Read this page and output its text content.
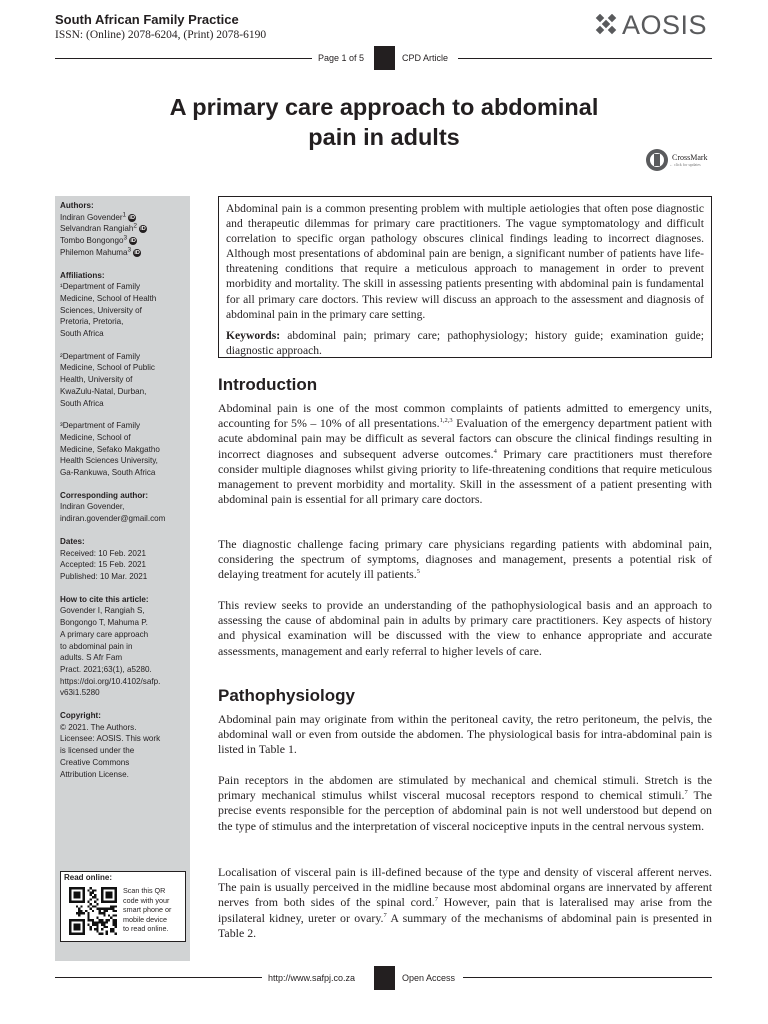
South African Family Practice
ISSN: (Online) 2078-6204, (Print) 2078-6190	AOSIS
Page 1 of 5	CPD Article
A primary care approach to abdominal
pain in adults
CrossMark
← click for updates
Authors:
Indiran Govender$^1$ iD
Selvandran Rangiah$^2$ iD
Tombo Bongongo$^3$ iD
Philemon Mahuma$^3$ iD
Affiliations:
¹Department of Family
Medicine, School of Health
Sciences, University of
Pretoria, Pretoria,
South Africa
²Department of Family
Medicine, School of Public
Health, University of
KwaZulu-Natal, Durban,
South Africa
³Department of Family
Medicine, School of
Medicine, Sefako Makgatho
Health Sciences University,
Ga-Rankuwa, South Africa
Corresponding author:
Indiran Govender,
indiran.govender@gmail.com
Dates:
Received: 10 Feb. 2021
Accepted: 15 Feb. 2021
Published: 10 Mar. 2021
How to cite this article:
Govender I, Rangiah S,
Bongongo T, Mahuma P.
A primary care approach
to abdominal pain in
adults. S Afr Fam
Pract. 2021;63(1), a5280.
https://doi.org/10.4102/safp.
v63i1.5280
Copyright:
© 2021. The Authors.
Licensee: AOSIS. This work
is licensed under the
Creative Commons
Attribution License.
Read online:
Scan this QR
code with your
smart phone or
mobile device
to read online.

Abdominal pain is a common presenting problem with multiple aetiologies that often pose diagnostic and therapeutic dilemmas for primary care practitioners. The vague symptomatology and difficult correlation to specific organ pathology obscures clinical findings leading to incorrect diagnoses. Although most presentations of abdominal pain are benign, a significant number of patients have life-threatening conditions that require a meticulous approach to management in order to prevent morbidity and mortality. The skill in assessing patients presenting with abdominal pain is fundamental for all primary care doctors. This review will discuss an approach to the assessment and diagnosis of abdominal pain in the primary care setting.

Keywords: abdominal pain; primary care; pathophysiology; history guide; examination guide; diagnostic approach.

Introduction

Abdominal pain is one of the most common complaints of patients admitted to emergency units, accounting for 5% – 10% of all presentations.$^{1,2,3}$ Evaluation of the emergency department patient with acute abdominal pain may be difficult as several factors can obscure the clinical findings resulting in incorrect diagnoses and subsequent adverse outcomes.$^4$ Primary care practitioners must therefore consider multiple diagnoses whilst giving priority to life-threatening conditions that require meticulous management to prevent morbidity and mortality. Skill in the assessment of a patient presenting with abdominal pain is essential for all primary care doctors.

The diagnostic challenge facing primary care physicians regarding patients with abdominal pain, considering the spectrum of symptoms, diagnoses and management, presents a potential risk of delaying treatment for acutely ill patients.$^5$

This review seeks to provide an understanding of the pathophysiological basis and an approach to assessing the cause of abdominal pain in adults by primary care practitioners. Key aspects of history and physical examination will be discussed with the view to enhance appropriate and accurate assessments, management and early referral to higher levels of care.

Pathophysiology

Abdominal pain may originate from within the peritoneal cavity, the retro peritoneum, the pelvis, the abdominal wall or even from outside the abdomen. The physiological basis for intra-abdominal pain is listed in Table 1.

Pain receptors in the abdomen are stimulated by mechanical and chemical stimuli. Stretch is the primary mechanical stimulus whilst visceral mucosal receptors respond to chemical stimuli.$^7$ The precise events responsible for the perception of abdominal pain is not well understood but depend on the type of stimulus and the interpretation of visceral nociceptive inputs in the central nervous system.

Localisation of visceral pain is ill-defined because of the type and density of visceral afferent nerves. The pain is usually perceived in the midline because most abdominal organs are innervated by afferent nerves from both sides of the spinal cord.$^7$ However, pain that is lateralised may arise from the ipsilateral kidney, ureter or ovary.$^7$ A summary of the mechanisms of abdominal pain is presented in Table 2.

http://www.safpj.co.za	Open Access
